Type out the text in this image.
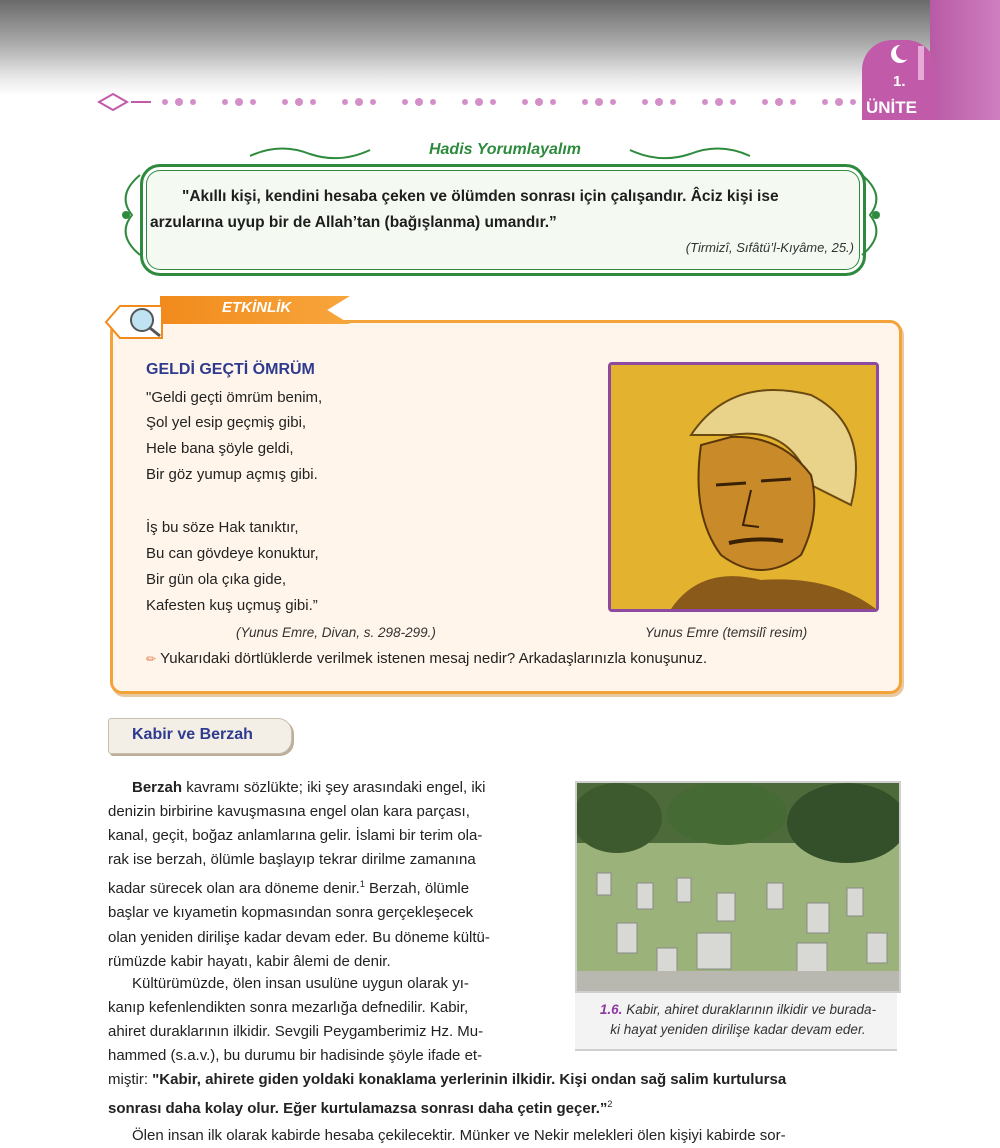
1.
ÜNİTE
Hadis Yorumlayalım
"Akıllı kişi, kendini hesaba çeken ve ölümden sonrası için çalışandır. Âciz kişi ise arzularına uyup bir de Allah’tan (bağışlanma) umandır.”
(Tirmizî, Sıfâtü’l-Kıyâme, 25.)
ETKİNLİK
GELDİ GEÇTİ ÖMRÜM
"Geldi geçti ömrüm benim,
Şol yel esip geçmiş gibi,
Hele bana şöyle geldi,
Bir göz yumup açmış gibi.
İş bu söze Hak tanıktır,
Bu can gövdeye konuktur,
Bir gün ola çıka gide,
Kafesten kuş uçmuş gibi.”
(Yunus Emre, Divan, s. 298-299.)	Yunus Emre (temsilî resim)
✏ Yukarıdaki dörtlüklerde verilmek istenen mesaj nedir? Arkadaşlarınızla konuşunuz.
Kabir ve Berzah
Berzah kavramı sözlükte; iki şey arasındaki engel, iki
denizin birbirine kavuşmasına engel olan kara parçası,
kanal, geçit, boğaz anlamlarına gelir. İslami bir terim ola-
rak ise berzah, ölümle başlayıp tekrar dirilme zamanına
kadar sürecek olan ara döneme denir.$^1$ Berzah, ölümle
başlar ve kıyametin kopmasından sonra gerçekleşecek
olan yeniden dirilişe kadar devam eder. Bu döneme kültü-
rümüzde kabir hayatı, kabir âlemi de denir.
Kültürümüzde, ölen insan usulüne uygun olarak yı-
kanıp kefenlendikten sonra mezarlığa defnedilir. Kabir,
ahiret duraklarının ilkidir. Sevgili Peygamberimiz Hz. Mu-
hammed (s.a.v.), bu durumu bir hadisinde şöyle ifade et-
miştir: "Kabir, ahirete giden yoldaki konaklama yerlerinin ilkidir. Kişi ondan sağ salim kurtulursa
sonrası daha kolay olur. Eğer kurtulamazsa sonrası daha çetin geçer.”$^2$
Ölen insan ilk olarak kabirde hesaba çekilecektir. Münker ve Nekir melekleri ölen kişiyi kabirde sor-
1.6. Kabir, ahiret duraklarının ilkidir ve burada-
ki hayat yeniden dirilişe kadar devam eder.
